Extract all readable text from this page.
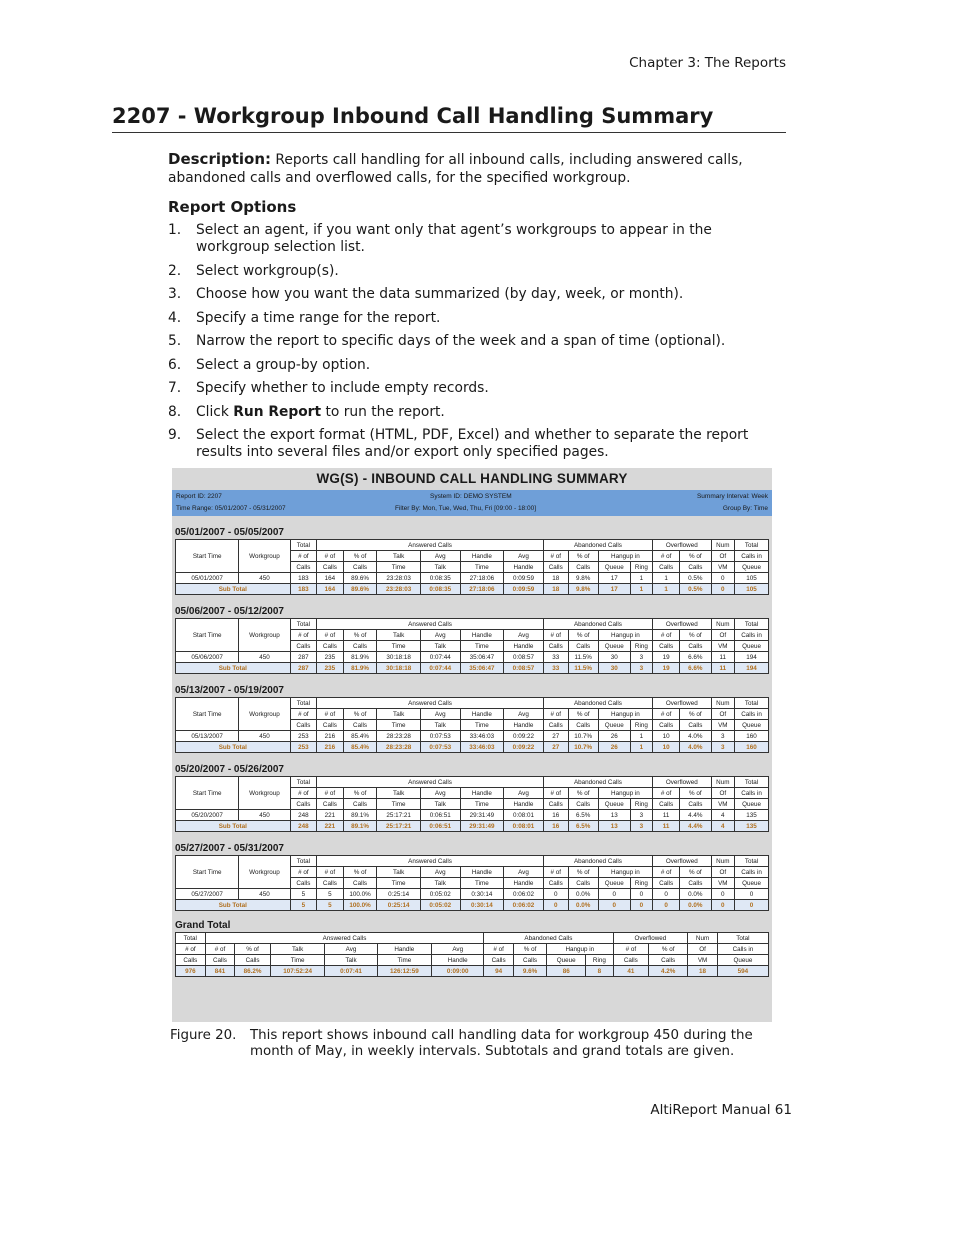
Chapter 3: The Reports
2207 - Workgroup Inbound Call Handling Summary
Description: Reports call handling for all inbound calls, including answered calls, abandoned calls and overflowed calls, for the specified workgroup.
Report Options
1. Select an agent, if you want only that agent’s workgroups to appear in the workgroup selection list.
2. Select workgroup(s).
3. Choose how you want the data summarized (by day, week, or month).
4. Specify a time range for the report.
5. Narrow the report to specific days of the week and a span of time (optional).
6. Select a group-by option.
7. Specify whether to include empty records.
8. Click Run Report to run the report.
9. Select the export format (HTML, PDF, Excel) and whether to separate the report results into several files and/or export only specified pages.
WG(S) - INBOUND CALL HANDLING SUMMARY
Report ID: 2207	System ID: DEMO SYSTEM	Summary Interval: Week
Time Range: 05/01/2007 - 05/31/2007	Filter By: Mon, Tue, Wed, Thu, Fri [09:00 - 18:00]	Group By: Time
05/01/2007 - 05/05/2007
Start Time	Workgroup	Total	Answered Calls						Abandoned Calls				Overflowed		Num	Total
		# of	# of	% of	Talk	Avg	Handle	Avg	# of	% of	Hangup in		# of	% of	Of	Calls in
		Calls	Calls	Calls	Time	Talk	Time	Handle	Calls	Calls	Queue	Ring	Calls	Calls	VM	Queue
05/01/2007	450	183	164	89.6%	23:28:03	0:08:35	27:18:06	0:09:59	18	9.8%	17	1	1	0.5%	0	105
Sub Total		183	164	89.6%	23:28:03	0:08:35	27:18:06	0:09:59	18	9.8%	17	1	1	0.5%	0	105
05/06/2007 - 05/12/2007
Start Time	Workgroup	Total	Answered Calls						Abandoned Calls				Overflowed		Num	Total
		# of	# of	% of	Talk	Avg	Handle	Avg	# of	% of	Hangup in		# of	% of	Of	Calls in
		Calls	Calls	Calls	Time	Talk	Time	Handle	Calls	Calls	Queue	Ring	Calls	Calls	VM	Queue
05/06/2007	450	287	235	81.9%	30:18:18	0:07:44	35:06:47	0:08:57	33	11.5%	30	3	19	6.6%	11	194
Sub Total		287	235	81.9%	30:18:18	0:07:44	35:06:47	0:08:57	33	11.5%	30	3	19	6.6%	11	194
05/13/2007 - 05/19/2007
Start Time	Workgroup	Total	Answered Calls						Abandoned Calls				Overflowed		Num	Total
		# of	# of	% of	Talk	Avg	Handle	Avg	# of	% of	Hangup in		# of	% of	Of	Calls in
		Calls	Calls	Calls	Time	Talk	Time	Handle	Calls	Calls	Queue	Ring	Calls	Calls	VM	Queue
05/13/2007	450	253	216	85.4%	28:23:28	0:07:53	33:46:03	0:09:22	27	10.7%	26	1	10	4.0%	3	160
Sub Total		253	216	85.4%	28:23:28	0:07:53	33:46:03	0:09:22	27	10.7%	26	1	10	4.0%	3	160
05/20/2007 - 05/26/2007
Start Time	Workgroup	Total	Answered Calls						Abandoned Calls				Overflowed		Num	Total
		# of	# of	% of	Talk	Avg	Handle	Avg	# of	% of	Hangup in		# of	% of	Of	Calls in
		Calls	Calls	Calls	Time	Talk	Time	Handle	Calls	Calls	Queue	Ring	Calls	Calls	VM	Queue
05/20/2007	450	248	221	89.1%	25:17:21	0:06:51	29:31:49	0:08:01	16	6.5%	13	3	11	4.4%	4	135
Sub Total		248	221	89.1%	25:17:21	0:06:51	29:31:49	0:08:01	16	6.5%	13	3	11	4.4%	4	135
05/27/2007 - 05/31/2007
Start Time	Workgroup	Total	Answered Calls						Abandoned Calls				Overflowed		Num	Total
		# of	# of	% of	Talk	Avg	Handle	Avg	# of	% of	Hangup in		# of	% of	Of	Calls in
		Calls	Calls	Calls	Time	Talk	Time	Handle	Calls	Calls	Queue	Ring	Calls	Calls	VM	Queue
05/27/2007	450	5	5	100.0%	0:25:14	0:05:02	0:30:14	0:06:02	0	0.0%	0	0	0	0.0%	0	0
Sub Total		5	5	100.0%	0:25:14	0:05:02	0:30:14	0:06:02	0	0.0%	0	0	0	0.0%	0	0
Grand Total
Total	Answered Calls						Abandoned Calls				Overflowed		Num	Total
# of	# of	% of	Talk	Avg	Handle	Avg	# of	% of	Hangup in		# of	% of	Of	Calls in
Calls	Calls	Calls	Time	Talk	Time	Handle	Calls	Calls	Queue	Ring	Calls	Calls	VM	Queue
976	841	86.2%	107:52:24	0:07:41	126:12:59	0:09:00	94	9.6%	86	8	41	4.2%	18	594
Figure 20. This report shows inbound call handling data for workgroup 450 during the month of May, in weekly intervals. Subtotals and grand totals are given.
AltiReport Manual 61
